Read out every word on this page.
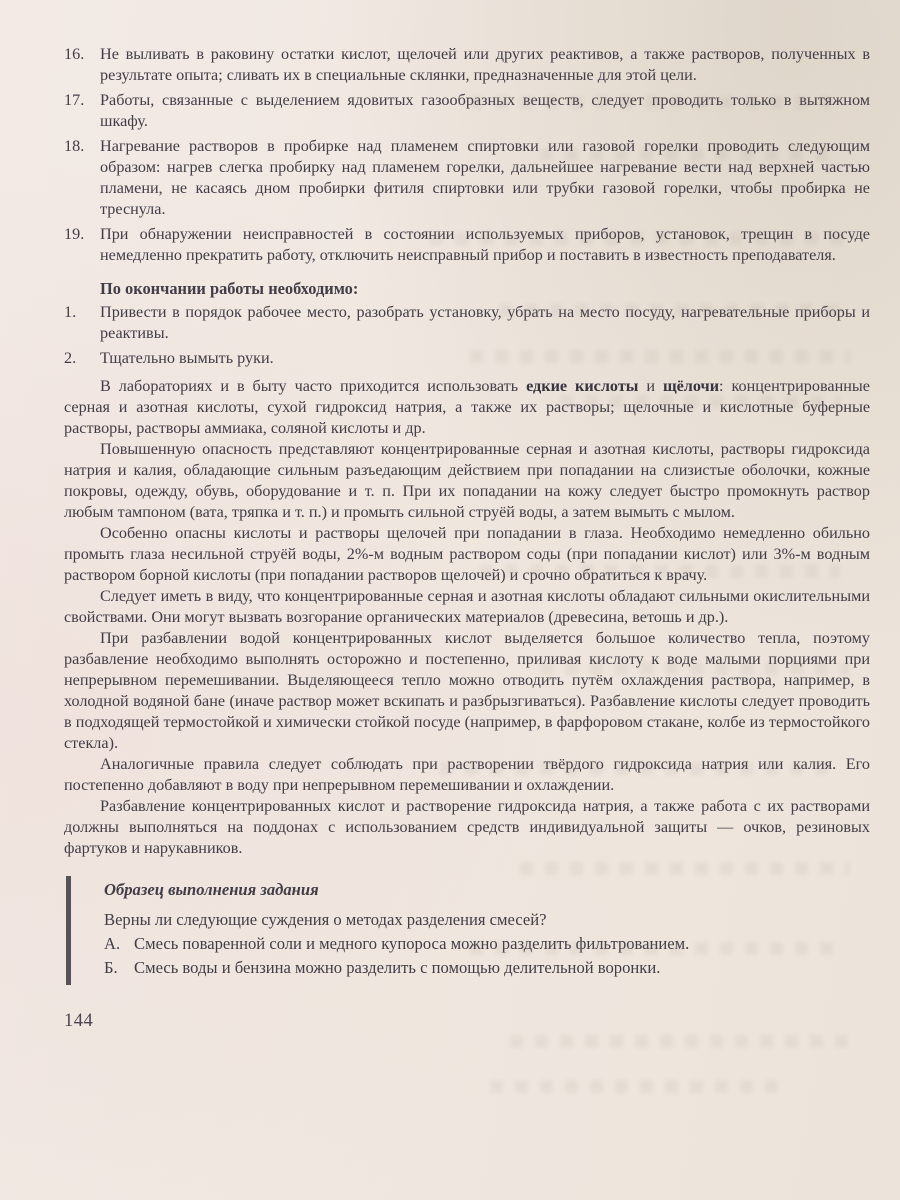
16. Не выливать в раковину остатки кислот, щелочей или других реактивов, а также растворов, полученных в результате опыта; сливать их в специальные склянки, предназначенные для этой цели.
17. Работы, связанные с выделением ядовитых газообразных веществ, следует проводить только в вытяжном шкафу.
18. Нагревание растворов в пробирке над пламенем спиртовки или газовой горелки проводить следующим образом: нагрев слегка пробирку над пламенем горелки, дальнейшее нагревание вести над верхней частью пламени, не касаясь дном пробирки фитиля спиртовки или трубки газовой горелки, чтобы пробирка не треснула.
19. При обнаружении неисправностей в состоянии используемых приборов, установок, трещин в посуде немедленно прекратить работу, отключить неисправный прибор и поставить в известность преподавателя.
По окончании работы необходимо:
1.	Привести в порядок рабочее место, разобрать установку, убрать на место посуду, нагревательные приборы и реактивы.
2.	Тщательно вымыть руки.

В лабораториях и в быту часто приходится использовать едкие кислоты и щёлочи: концентрированные серная и азотная кислоты, сухой гидроксид натрия, а также их растворы; щелочные и кислотные буферные растворы, растворы аммиака, соляной кислоты и др.

Повышенную опасность представляют концентрированные серная и азотная кислоты, растворы гидроксида натрия и калия, обладающие сильным разъедающим действием при попадании на слизистые оболочки, кожные покровы, одежду, обувь, оборудование и т. п. При их попадании на кожу следует быстро промокнуть раствор любым тампоном (вата, тряпка и т. п.) и промыть сильной струёй воды, а затем вымыть с мылом.

Особенно опасны кислоты и растворы щелочей при попадании в глаза. Необходимо немедленно обильно промыть глаза несильной струёй воды, 2%-м водным раствором соды (при попадании кислот) или 3%-м водным раствором борной кислоты (при попадании растворов щелочей) и срочно обратиться к врачу.

Следует иметь в виду, что концентрированные серная и азотная кислоты обладают сильными окислительными свойствами. Они могут вызвать возгорание органических материалов (древесина, ветошь и др.).

При разбавлении водой концентрированных кислот выделяется большое количество тепла, поэтому разбавление необходимо выполнять осторожно и постепенно, приливая кислоту к воде малыми порциями при непрерывном перемешивании. Выделяющееся тепло можно отводить путём охлаждения раствора, например, в холодной водяной бане (иначе раствор может вскипать и разбрызгиваться). Разбавление кислоты следует проводить в подходящей термостойкой и химически стойкой посуде (например, в фарфоровом стакане, колбе из термостойкого стекла).

Аналогичные правила следует соблюдать при растворении твёрдого гидроксида натрия или калия. Его постепенно добавляют в воду при непрерывном перемешивании и охлаждении.

Разбавление концентрированных кислот и растворение гидроксида натрия, а также работа с их растворами должны выполняться на поддонах с использованием средств индивидуальной защиты — очков, резиновых фартуков и нарукавников.

Образец выполнения задания
Верны ли следующие суждения о методах разделения смесей?
А. Смесь поваренной соли и медного купороса можно разделить фильтрованием.
Б. Смесь воды и бензина можно разделить с помощью делительной воронки.
144
